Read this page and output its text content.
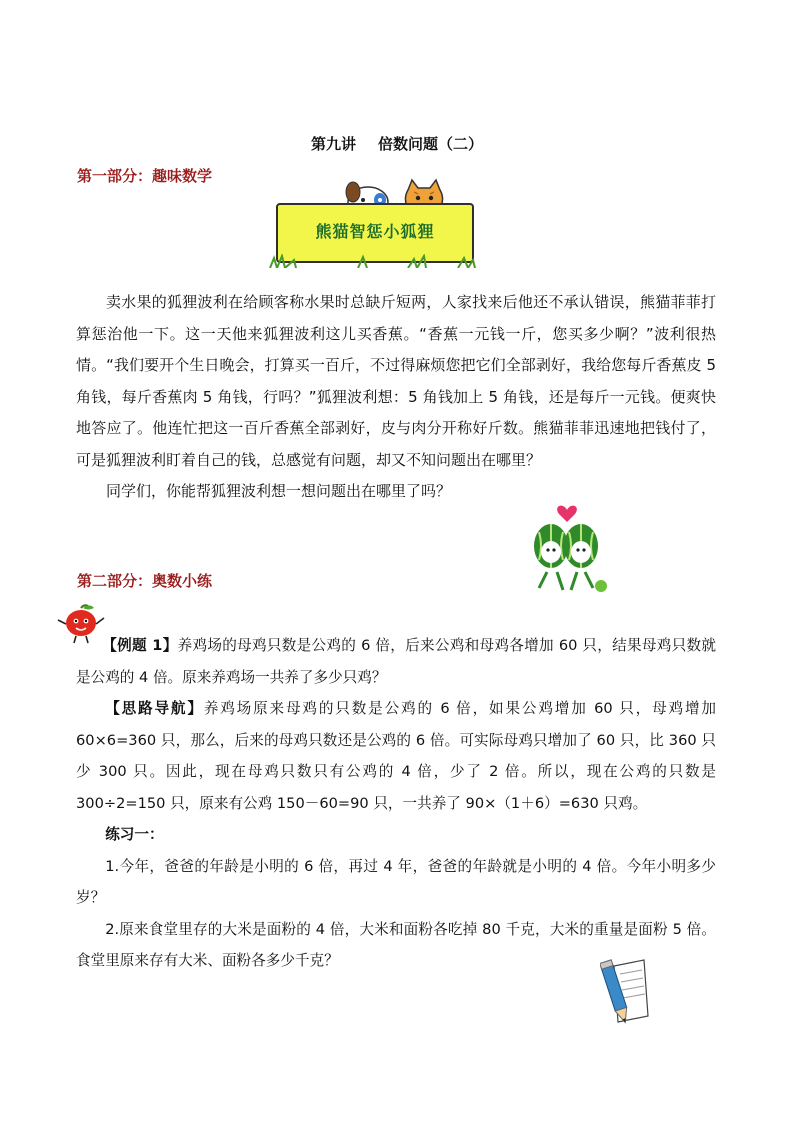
第九讲 倍数问题（二）
第一部分：趣味数学
熊猫智惩小狐狸

卖水果的狐狸波利在给顾客称水果时总缺斤短两，人家找来后他还不承认错误，熊猫菲菲打算惩治他一下。这一天他来狐狸波利这儿买香蕉。“香蕉一元钱一斤，您买多少啊？”波利很热情。“我们要开个生日晚会，打算买一百斤，不过得麻烦您把它们全部剥好，我给您每斤香蕉皮 5 角钱，每斤香蕉肉 5 角钱，行吗？”狐狸波利想：5 角钱加上 5 角钱，还是每斤一元钱。便爽快地答应了。他连忙把这一百斤香蕉全部剥好，皮与肉分开称好斤数。熊猫菲菲迅速地把钱付了，可是狐狸波利盯着自己的钱，总感觉有问题，却又不知问题出在哪里？

同学们，你能帮狐狸波利想一想问题出在哪里了吗？

第二部分：奥数小练

【例题 1】养鸡场的母鸡只数是公鸡的 6 倍，后来公鸡和母鸡各增加 60 只，结果母鸡只数就是公鸡的 4 倍。原来养鸡场一共养了多少只鸡？

【思路导航】养鸡场原来母鸡的只数是公鸡的 6 倍，如果公鸡增加 60 只，母鸡增加 60×6=360 只，那么，后来的母鸡只数还是公鸡的 6 倍。可实际母鸡只增加了 60 只，比 360 只少 300 只。因此，现在母鸡只数只有公鸡的 4 倍，少了 2 倍。所以，现在公鸡的只数是 300÷2=150 只，原来有公鸡 150－60=90 只，一共养了 90×（1＋6）=630 只鸡。

练习一：

1.今年，爸爸的年龄是小明的 6 倍，再过 4 年，爸爸的年龄就是小明的 4 倍。今年小明多少岁？

2.原来食堂里存的大米是面粉的 4 倍，大米和面粉各吃掉 80 千克，大米的重量是面粉 5 倍。食堂里原来存有大米、面粉各多少千克？
